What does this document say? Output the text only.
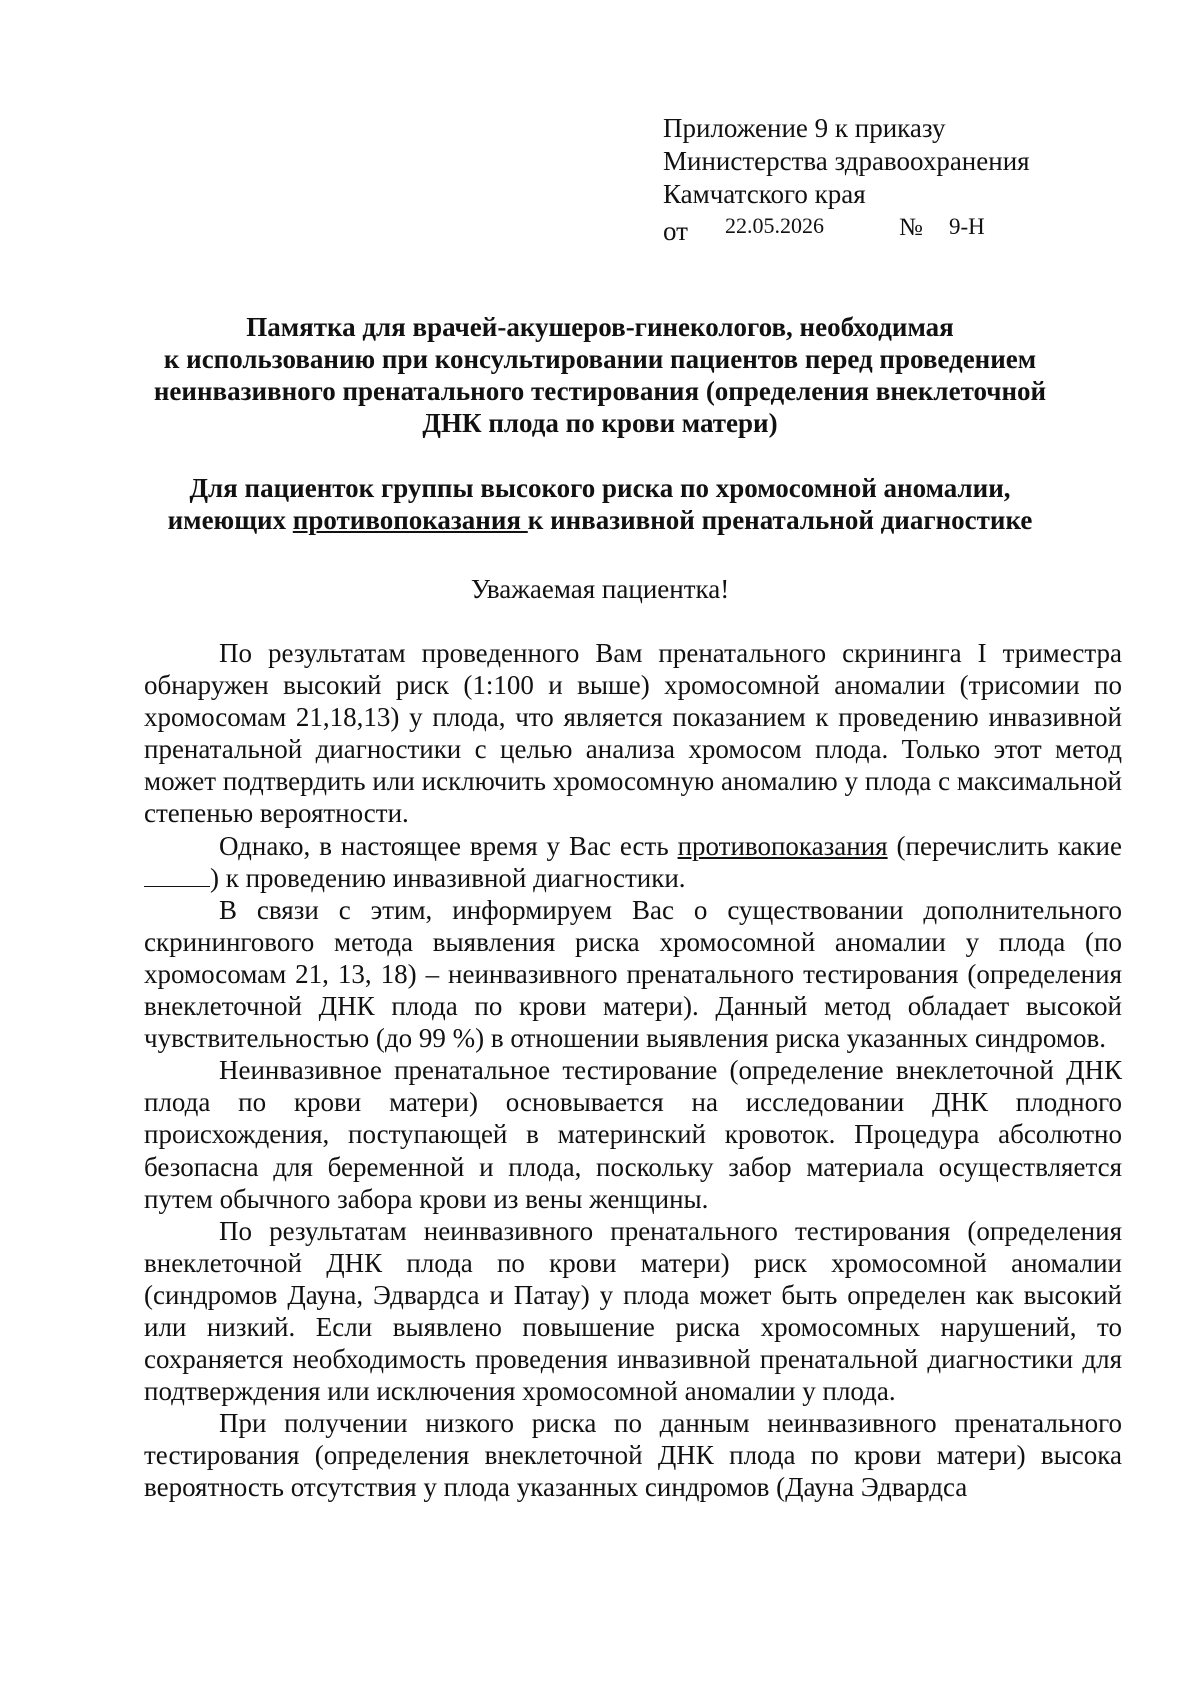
Приложение 9 к приказу
Министерства здравоохранения
Камчатского края
от 22.05.2026	№ 9-Н
Памятка для врачей-акушеров-гинекологов, необходимая
к использованию при консультировании пациентов перед проведением
неинвазивного пренатального тестирования (определения внеклеточной
ДНК плода по крови матери)
Для пациенток группы высокого риска по хромосомной аномалии,
имеющих противопоказания к инвазивной пренатальной диагностике
Уважаемая пациентка!

По результатам проведенного Вам пренатального скрининга I триместра обнаружен высокий риск (1:100 и выше) хромосомной аномалии (трисомии по хромосомам 21,18,13) у плода, что является показанием к проведению инвазивной пренатальной диагностики с целью анализа хромосом плода. Только этот метод может подтвердить или исключить хромосомную аномалию у плода с максимальной степенью вероятности.

Однако, в настоящее время у Вас есть противопоказания (перечислить какие) к проведению инвазивной диагностики.

В связи с этим, информируем Вас о существовании дополнительного скринингового метода выявления риска хромосомной аномалии у плода (по хромосомам 21, 13, 18) – неинвазивного пренатального тестирования (определения внеклеточной ДНК плода по крови матери). Данный метод обладает высокой чувствительностью (до 99 %) в отношении выявления риска указанных синдромов.

Неинвазивное пренатальное тестирование (определение внеклеточной ДНК плода по крови матери) основывается на исследовании ДНК плодного происхождения, поступающей в материнский кровоток. Процедура абсолютно безопасна для беременной и плода, поскольку забор материала осуществляется путем обычного забора крови из вены женщины.

По результатам неинвазивного пренатального тестирования (определения внеклеточной ДНК плода по крови матери) риск хромосомной аномалии (синдромов Дауна, Эдвардса и Патау) у плода может быть определен как высокий или низкий. Если выявлено повышение риска хромосомных нарушений, то сохраняется необходимость проведения инвазивной пренатальной диагностики для подтверждения или исключения хромосомной аномалии у плода.

При получении низкого риска по данным неинвазивного пренатального тестирования (определения внеклеточной ДНК плода по крови матери) высока вероятность отсутствия у плода указанных синдромов (Дауна Эдвардса
